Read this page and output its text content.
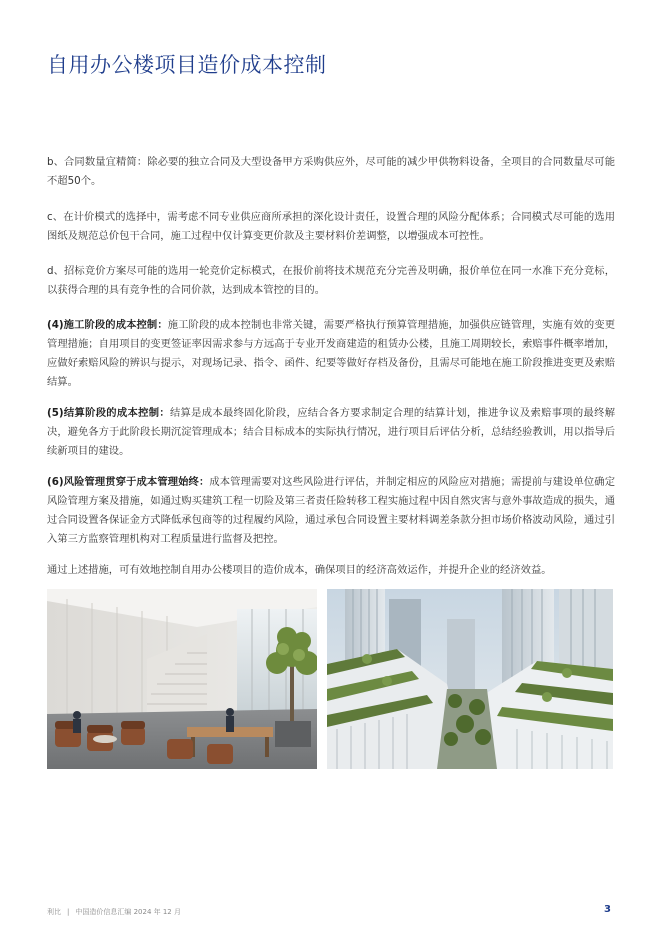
自用办公楼项目造价成本控制

b、合同数量宜精简：除必要的独立合同及大型设备甲方采购供应外，尽可能的减少甲供物料设备，全项目的合同数量尽可能不超50个。

c、在计价模式的选择中，需考虑不同专业供应商所承担的深化设计责任，设置合理的风险分配体系；合同模式尽可能的选用图纸及规范总价包干合同，施工过程中仅计算变更价款及主要材料价差调整，以增强成本可控性。

d、招标竞价方案尽可能的选用一轮竞价定标模式，在报价前将技术规范充分完善及明确，报价单位在同一水准下充分竞标，以获得合理的具有竞争性的合同价款，达到成本管控的目的。

(4)施工阶段的成本控制：施工阶段的成本控制也非常关键，需要严格执行预算管理措施，加强供应链管理，实施有效的变更管理措施；自用项目的变更签证率因需求参与方远高于专业开发商建造的租赁办公楼，且施工周期较长，索赔事件概率增加，应做好索赔风险的辨识与提示，对现场记录、指令、函件、纪要等做好存档及备份，且需尽可能地在施工阶段推进变更及索赔结算。

(5)结算阶段的成本控制：结算是成本最终固化阶段，应结合各方要求制定合理的结算计划，推进争议及索赔事项的最终解决，避免各方于此阶段长期沉淀管理成本；结合目标成本的实际执行情况，进行项目后评估分析，总结经验教训，用以指导后续新项目的建设。

(6)风险管理贯穿于成本管理始终：成本管理需要对这些风险进行评估，并制定相应的风险应对措施；需提前与建设单位确定风险管理方案及措施，如通过购买建筑工程一切险及第三者责任险转移工程实施过程中因自然灾害与意外事故造成的损失，通过合同设置各保证金方式降低承包商等的过程履约风险，通过承包合同设置主要材料调差条款分担市场价格波动风险，通过引入第三方监察管理机构对工程质量进行监督及把控。

通过上述措施，可有效地控制自用办公楼项目的造价成本，确保项目的经济高效运作，并提升企业的经济效益。

利比 | 中国造价信息汇编 2024 年 12 月	3
